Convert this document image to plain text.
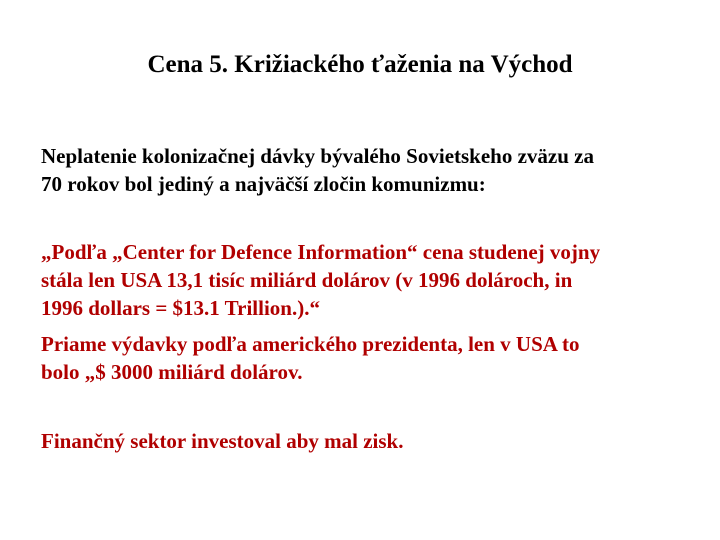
Cena 5. Križiackého ťaženia na Východ
Neplatenie kolonizačnej dávky bývalého Sovietskeho zväzu za
70 rokov bol jediný a najväčší zločin komunizmu:
„Podľa „Center for Defence Information“ cena studenej vojny
stála len USA 13,1 tisíc miliárd dolárov (v 1996 dolároch, in
1996 dollars = $13.1 Trillion.).“
Priame výdavky podľa amerického prezidenta, len v USA to
bolo „$ 3000 miliárd dolárov.
Finančný sektor investoval aby mal zisk.
